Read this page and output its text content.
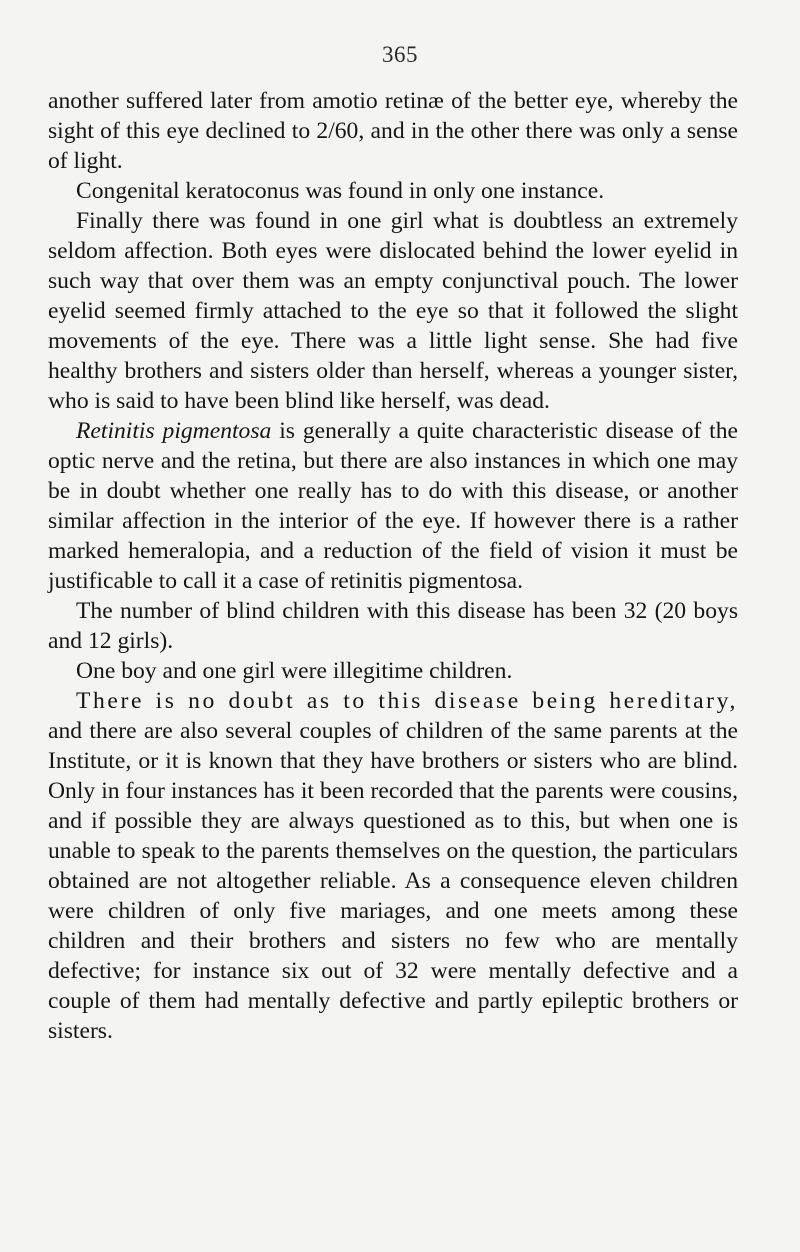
365

another suffered later from amotio retinæ of the better eye, whereby the sight of this eye declined to 2/60, and in the other there was only a sense of light.

Congenital keratoconus was found in only one instance.

Finally there was found in one girl what is doubtless an extremely seldom affection. Both eyes were dislocated behind the lower eyelid in such way that over them was an empty conjunctival pouch. The lower eyelid seemed firmly attached to the eye so that it followed the slight movements of the eye. There was a little light sense. She had five healthy brothers and sisters older than herself, whereas a younger sister, who is said to have been blind like herself, was dead.

Retinitis pigmentosa is generally a quite characteristic disease of the optic nerve and the retina, but there are also instances in which one may be in doubt whether one really has to do with this disease, or another similar affection in the interior of the eye. If however there is a rather marked hemeralopia, and a reduction of the field of vision it must be justificable to call it a case of retinitis pigmentosa.

The number of blind children with this disease has been 32 (20 boys and 12 girls).

One boy and one girl were illegitime children.

There is no doubt as to this disease being hereditary, and there are also several couples of children of the same parents at the Institute, or it is known that they have brothers or sisters who are blind. Only in four instances has it been recorded that the parents were cousins, and if possible they are always questioned as to this, but when one is unable to speak to the parents themselves on the question, the particulars obtained are not altogether reliable. As a consequence eleven children were children of only five mariages, and one meets among these children and their brothers and sisters no few who are mentally defective; for instance six out of 32 were mentally defective and a couple of them had mentally defective and partly epileptic brothers or sisters.
